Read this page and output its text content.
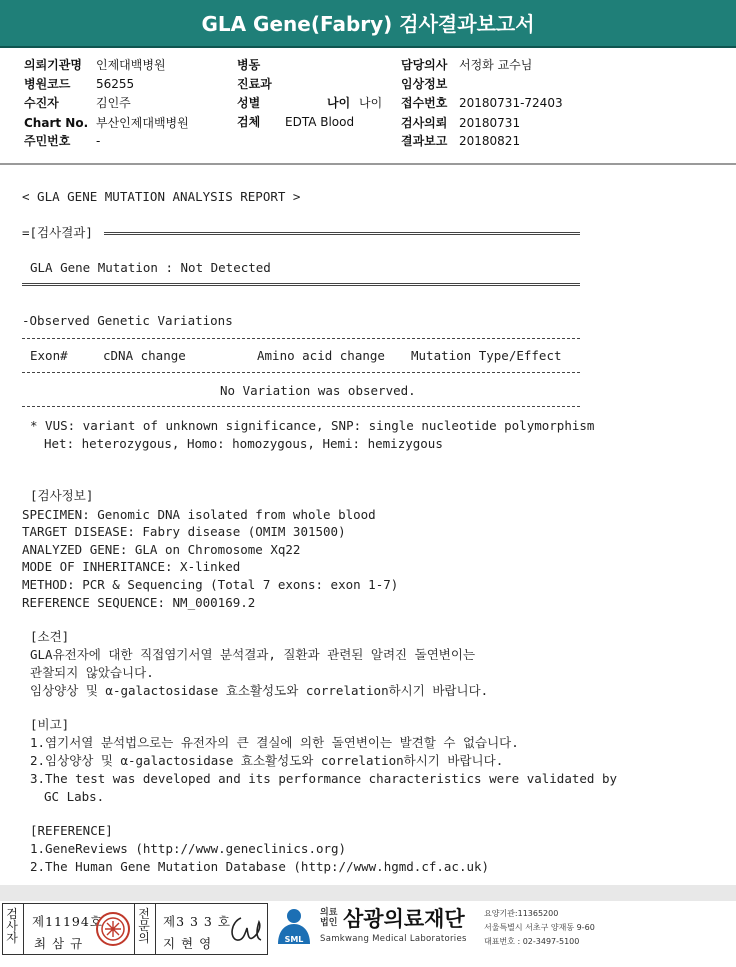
GLA Gene(Fabry) 검사결과보고서
의뢰기관명 인제대백병원
병원코드 56255
수진자	김인주
Chart No. 부산인제대백병원
주민번호 -
병동
진료과
성별	나이 나이
검체 EDTA Blood
담당의사 서정화 교수님
임상정보
접수번호 20180731-72403
검사의뢰 20180731
결과보고 20180821
< GLA GENE MUTATION ANALYSIS REPORT >
=[검사결과]
GLA Gene Mutation : Not Detected
-Observed Genetic Variations
Exon#	cDNA change	Amino acid change Mutation Type/Effect
No Variation was observed.
* VUS: variant of unknown significance, SNP: single nucleotide polymorphism
Het: heterozygous, Homo: homozygous, Hemi: hemizygous
[검사정보]
SPECIMEN: Genomic DNA isolated from whole blood
TARGET DISEASE: Fabry disease (OMIM 301500)
ANALYZED GENE: GLA on Chromosome Xq22
MODE OF INHERITANCE: X-linked
METHOD: PCR & Sequencing (Total 7 exons: exon 1-7)
REFERENCE SEQUENCE: NM_000169.2
[소견]
GLA유전자에 대한 직접염기서열 분석결과, 질환과 관련된 알려진 돌연변이는
관찰되지 않았습니다.
임상양상 및 α-galactosidase 효소활성도와 correlation하시기 바랍니다.
[비고]
1.염기서열 분석법으로는 유전자의 큰 결실에 의한 돌연변이는 발견할 수 없습니다.
2.임상양상 및 α-galactosidase 효소활성도와 correlation하시기 바랍니다.
3.The test was developed and its performance characteristics were validated by
GC Labs.
[REFERENCE]
1.GeneReviews (http://www.geneclinics.org)
2.The Human Gene Mutation Database (http://www.hgmd.cf.ac.uk)
검사자
제11194호
최 삼 규
전문의
제3 3 3 호
지 현 영	SML
의료
법인 삼광의료재단
Samkwang Medical Laboratories
요양기관:11365200
서울특별시 서초구 양재동 9-60
대표번호 : 02-3497-5100
